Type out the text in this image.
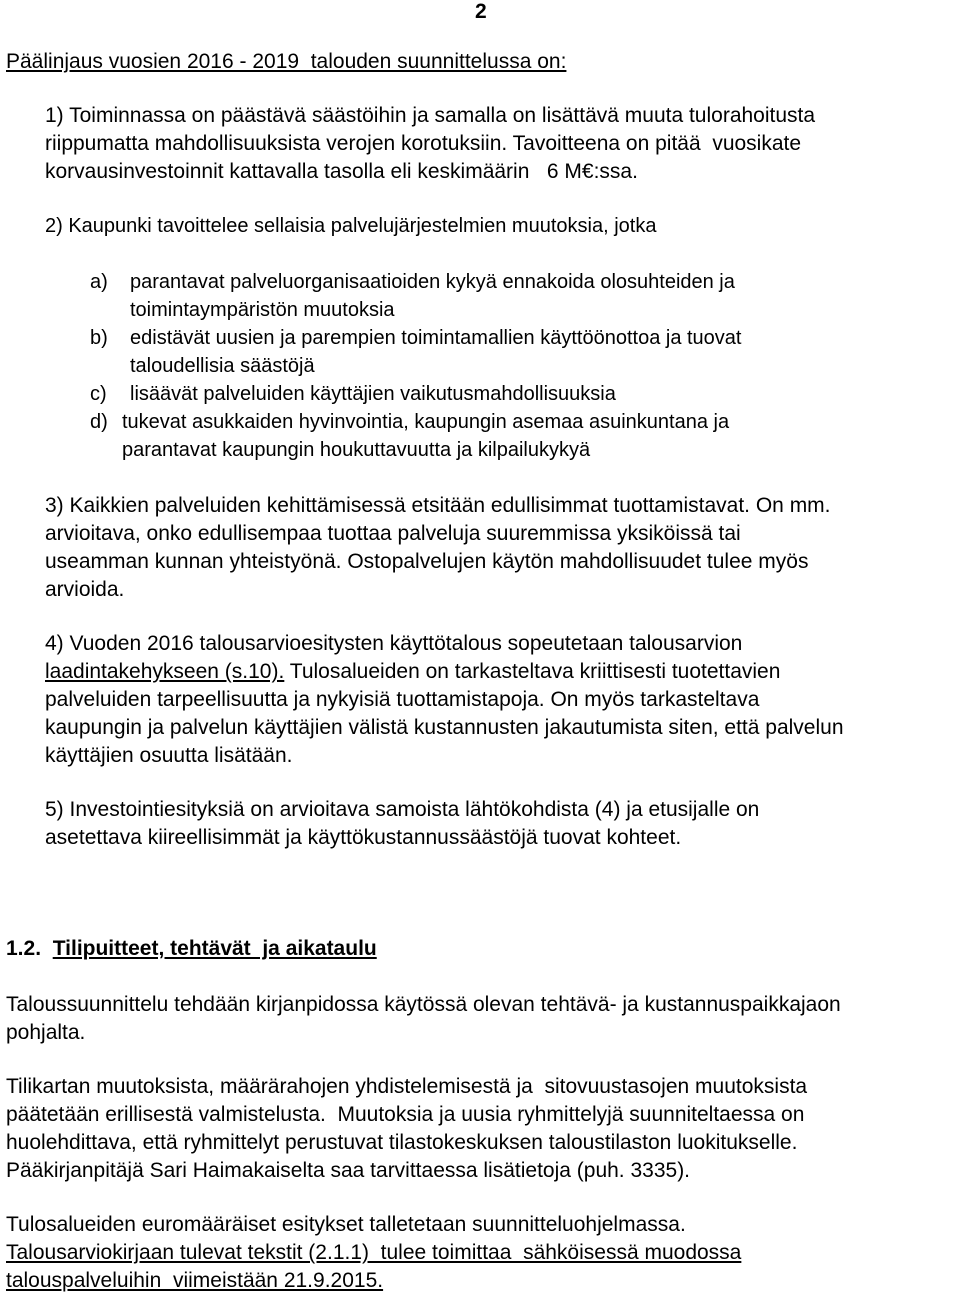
2
Päälinjaus vuosien 2016 - 2019  talouden suunnittelussa on:
1) Toiminnassa on päästävä säästöihin ja samalla on lisättävä muuta tulorahoitusta
riippumatta mahdollisuuksista verojen korotuksiin. Tavoitteena on pitää  vuosikate
korvausinvestoinnit kattavalla tasolla eli keskimäärin   6 M€:ssa.
2) Kaupunki tavoittelee sellaisia palvelujärjestelmien muutoksia, jotka
a) parantavat palveluorganisaatioiden kykyä ennakoida olosuhteiden ja
toimintaympäristön muutoksia
b) edistävät uusien ja parempien toimintamallien käyttöönottoa ja tuovat
taloudellisia säästöjä
c) lisäävät palveluiden käyttäjien vaikutusmahdollisuuksia
d) tukevat asukkaiden hyvinvointia, kaupungin asemaa asuinkuntana ja
parantavat kaupungin houkuttavuutta ja kilpailukykyä
3) Kaikkien palveluiden kehittämisessä etsitään edullisimmat tuottamistavat. On mm.
arvioitava, onko edullisempaa tuottaa palveluja suuremmissa yksiköissä tai
useamman kunnan yhteistyönä. Ostopalvelujen käytön mahdollisuudet tulee myös
arvioida.
4) Vuoden 2016 talousarvioesitysten käyttötalous sopeutetaan talousarvion
laadintakehykseen (s.10). Tulosalueiden on tarkasteltava kriittisesti tuotettavien
palveluiden tarpeellisuutta ja nykyisiä tuottamistapoja. On myös tarkasteltava
kaupungin ja palvelun käyttäjien välistä kustannusten jakautumista siten, että palvelun
käyttäjien osuutta lisätään.
5) Investointiesityksiä on arvioitava samoista lähtökohdista (4) ja etusijalle on
asetettava kiireellisimmät ja käyttökustannussäästöjä tuovat kohteet.
1.2. Tilipuitteet, tehtävät  ja aikataulu
Taloussuunnittelu tehdään kirjanpidossa käytössä olevan tehtävä- ja kustannuspaikkajaon
pohjalta.
Tilikartan muutoksista, määrärahojen yhdistelemisestä ja  sitovuustasojen muutoksista
päätetään erillisestä valmistelusta.  Muutoksia ja uusia ryhmittelyjä suunniteltaessa on
huolehdittava, että ryhmittelyt perustuvat tilastokeskuksen taloustilaston luokitukselle.
Pääkirjanpitäjä Sari Haimakaiselta saa tarvittaessa lisätietoja (puh. 3335).
Tulosalueiden euromääräiset esitykset talletetaan suunnitteluohjelmassa.
Talousarviokirjaan tulevat tekstit (2.1.1)  tulee toimittaa  sähköisessä muodossa
talouspalveluihin  viimeistään 21.9.2015.
